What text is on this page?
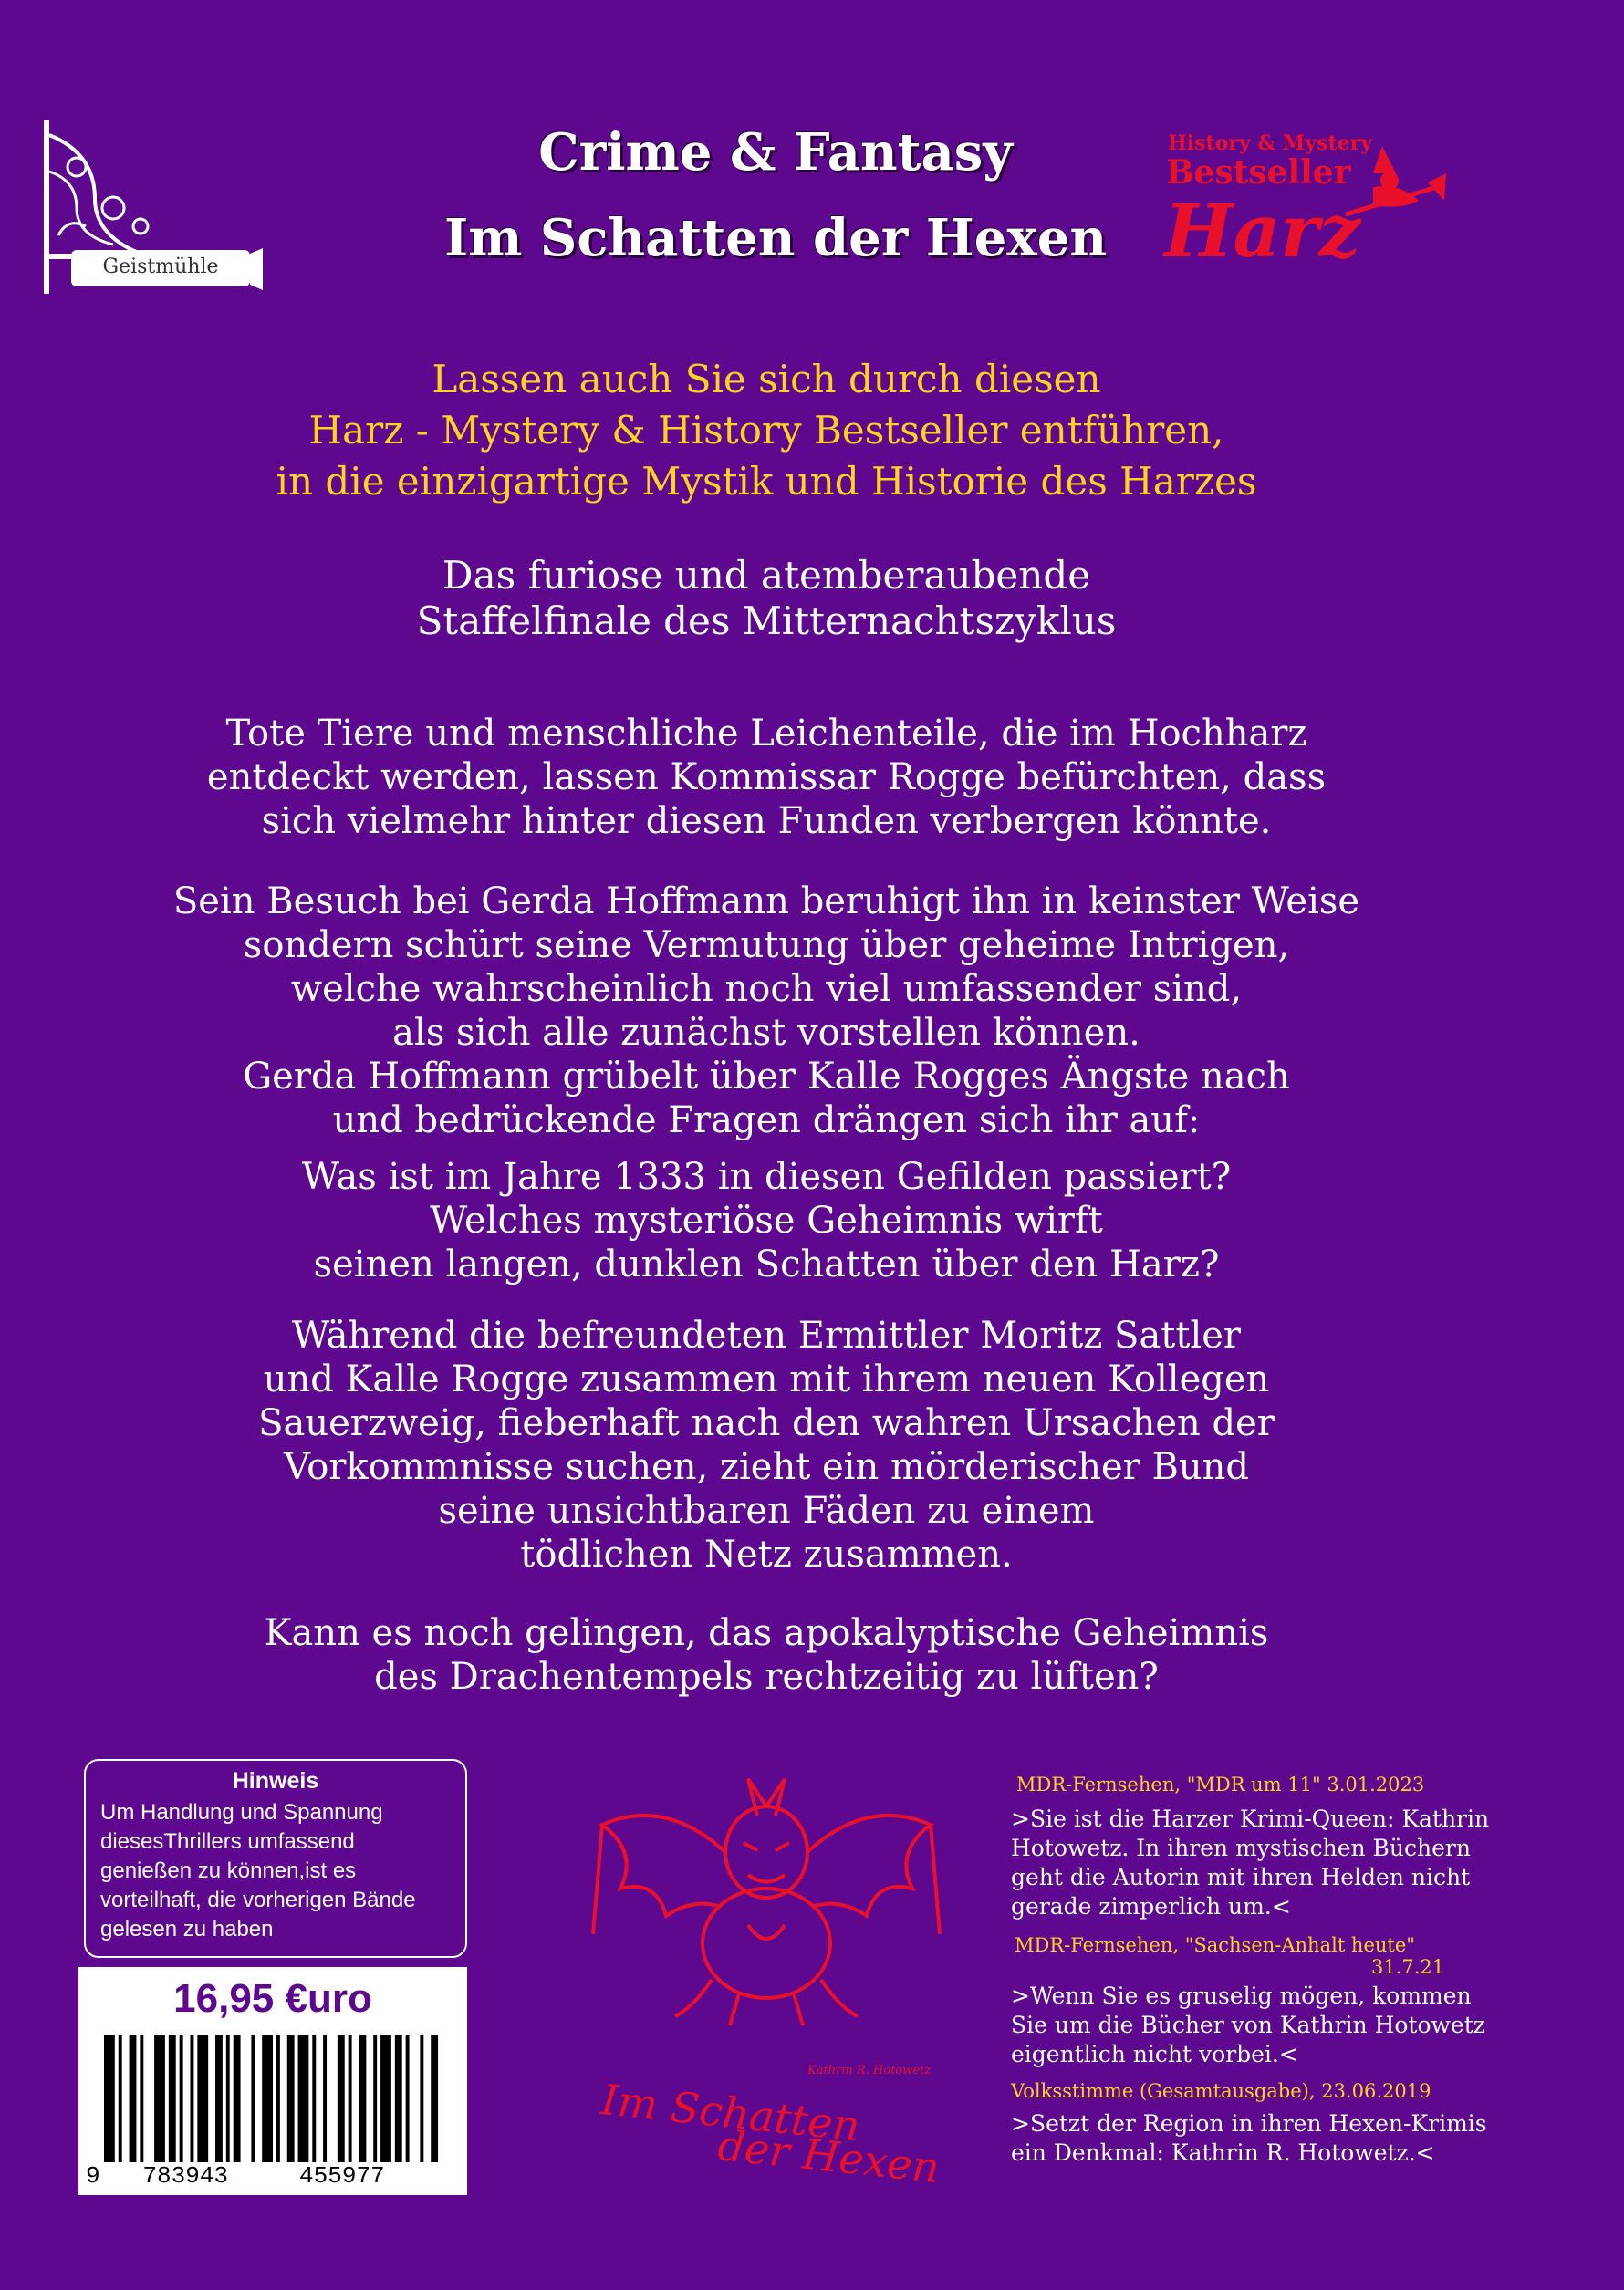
Geistmühle
Crime & Fantasy
Im Schatten der Hexen
History & Mystery
Bestseller
Harz
Lassen auch Sie sich durch diesen
Harz - Mystery & History Bestseller entführen,
in die einzigartige Mystik und Historie des Harzes
Das furiose und atemberaubende
Staffelfinale des Mitternachtszyklus
Tote Tiere und menschliche Leichenteile, die im Hochharz
entdeckt werden, lassen Kommissar Rogge befürchten, dass
sich vielmehr hinter diesen Funden verbergen könnte.
Sein Besuch bei Gerda Hoffmann beruhigt ihn in keinster Weise
sondern schürt seine Vermutung über geheime Intrigen,
welche wahrscheinlich noch viel umfassender sind,
als sich alle zunächst vorstellen können.
Gerda Hoffmann grübelt über Kalle Rogges Ängste nach
und bedrückende Fragen drängen sich ihr auf:
Was ist im Jahre 1333 in diesen Gefilden passiert?
Welches mysteriöse Geheimnis wirft
seinen langen, dunklen Schatten über den Harz?
Während die befreundeten Ermittler Moritz Sattler
und Kalle Rogge zusammen mit ihrem neuen Kollegen
Sauerzweig, fieberhaft nach den wahren Ursachen der
Vorkommnisse suchen, zieht ein mörderischer Bund
seine unsichtbaren Fäden zu einem
tödlichen Netz zusammen.
Kann es noch gelingen, das apokalyptische Geheimnis
des Drachentempels rechtzeitig zu lüften?
Hinweis
Um Handlung und Spannung
diesesThrillers umfassend
genießen zu können,ist es
vorteilhaft, die vorherigen Bände
gelesen zu haben
16,95 €uro
9   783943     455977
Kathrin R. Hotowetz
Im Schatten
der Hexen
MDR-Fernsehen, "MDR um 11" 3.01.2023
>Sie ist die Harzer Krimi-Queen: Kathrin
Hotowetz. In ihren mystischen Büchern
geht die Autorin mit ihren Helden nicht
gerade zimperlich um.<
MDR-Fernsehen, "Sachsen-Anhalt heute"
31.7.21
>Wenn Sie es gruselig mögen, kommen
Sie um die Bücher von Kathrin Hotowetz
eigentlich nicht vorbei.<
Volksstimme (Gesamtausgabe), 23.06.2019
>Setzt der Region in ihren Hexen-Krimis
ein Denkmal: Kathrin R. Hotowetz.<
